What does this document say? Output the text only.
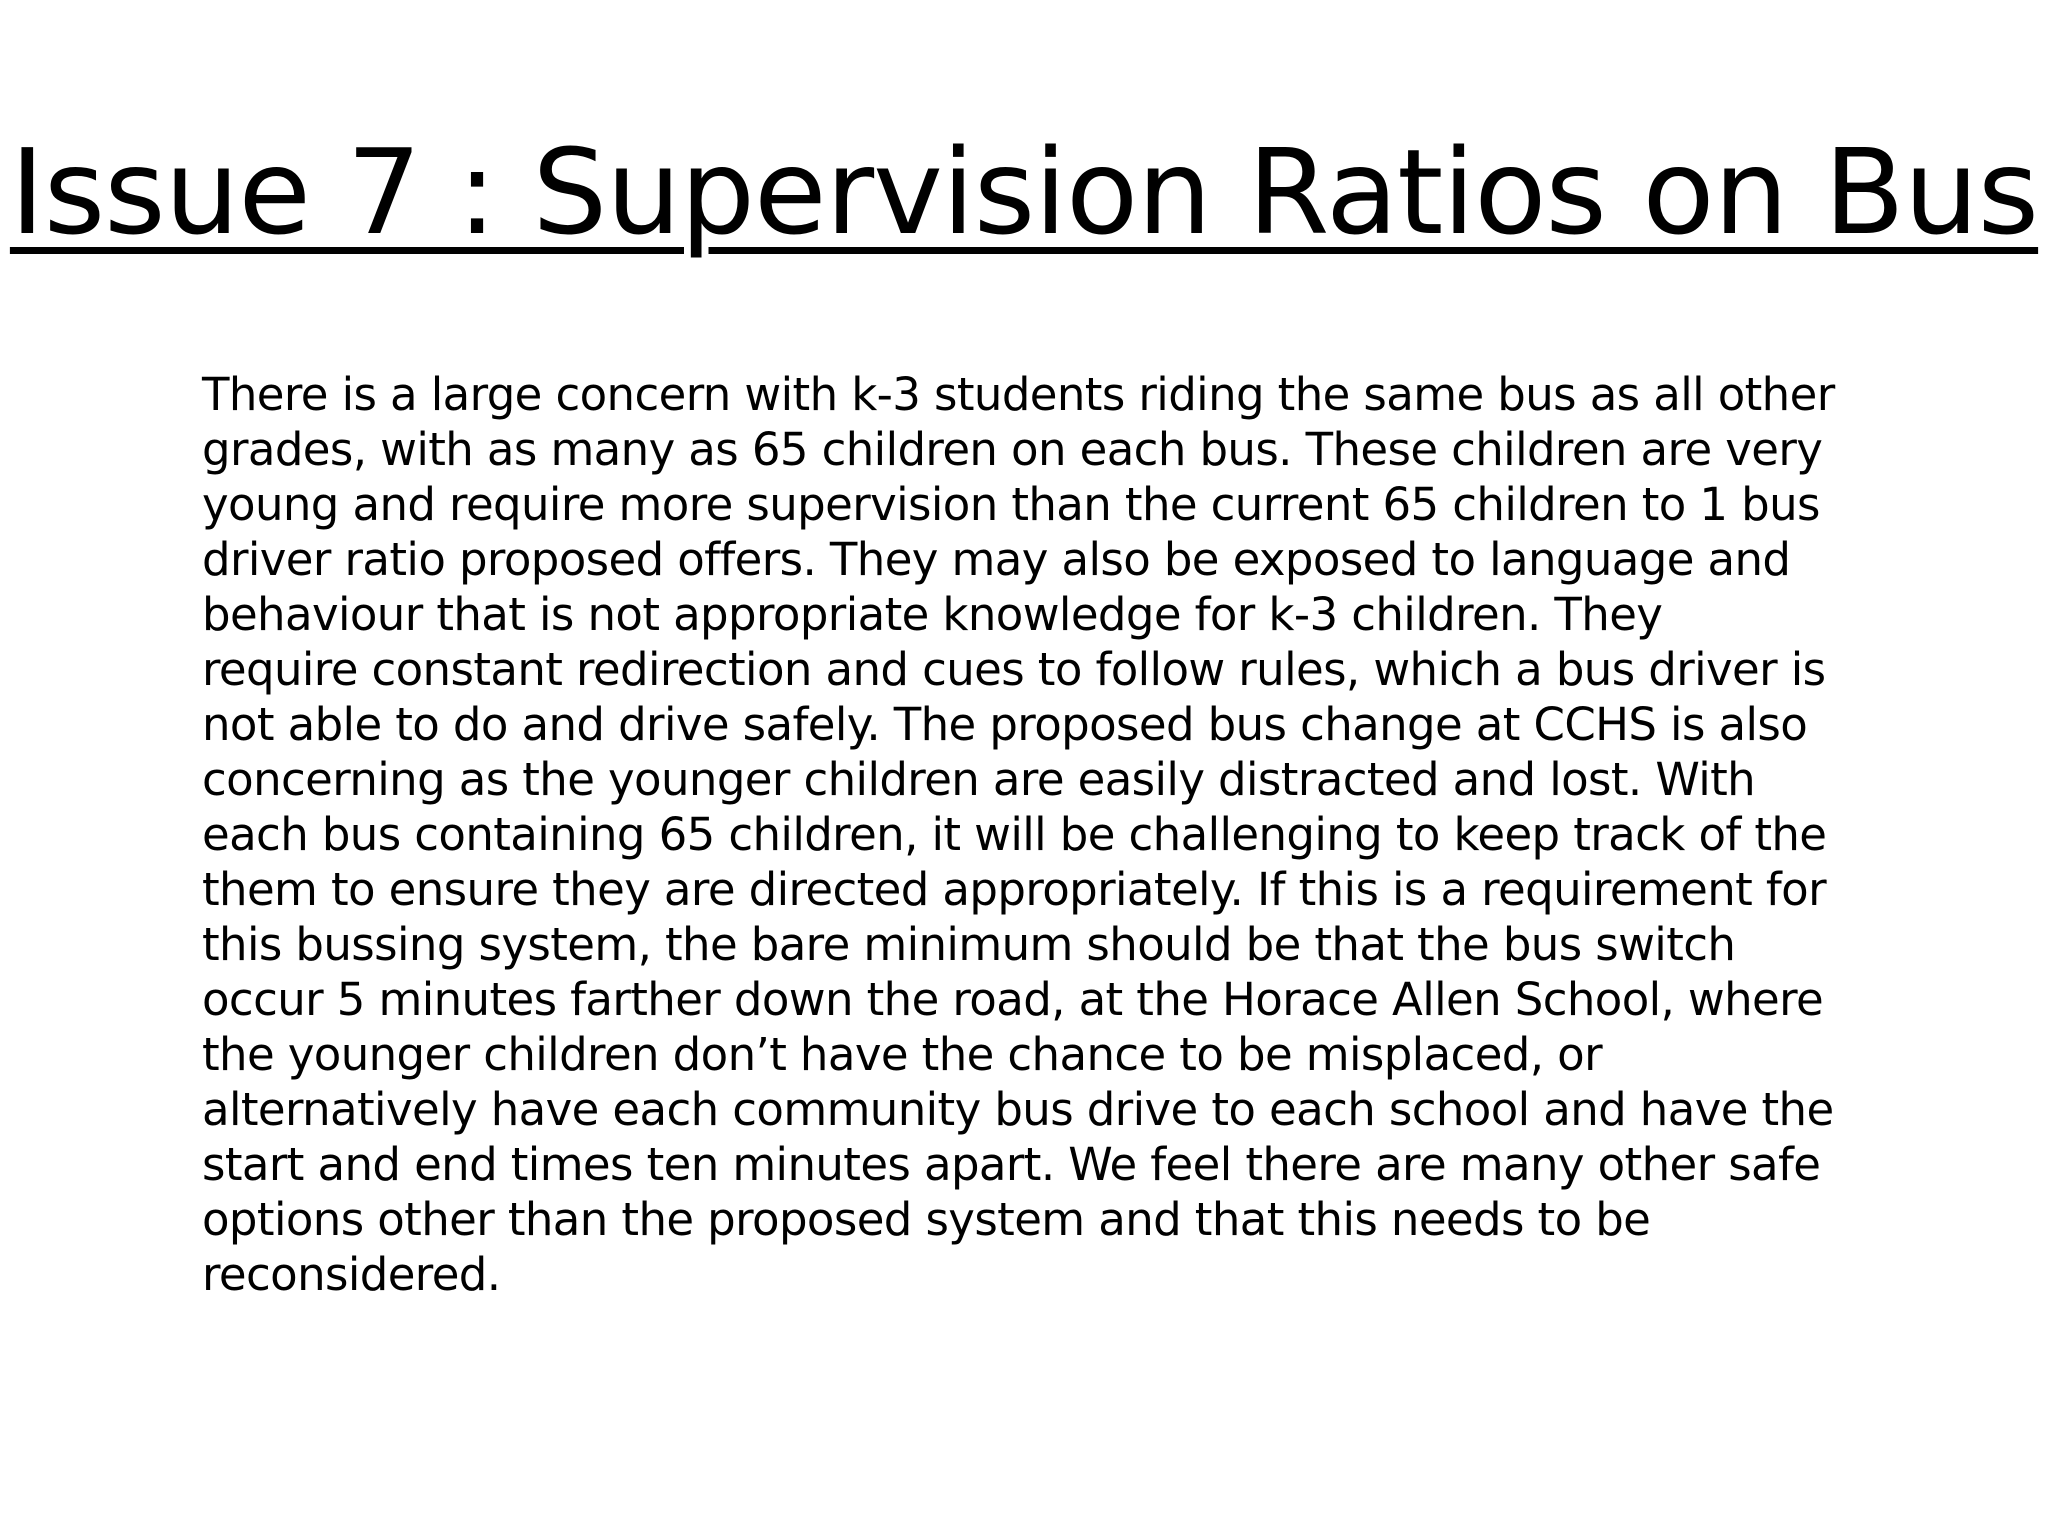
Issue 7 : Supervision Ratios on Bus
There is a large concern with k-3 students riding the same bus as all other
grades, with as many as 65 children on each bus. These children are very
young and require more supervision than the current 65 children to 1 bus
driver ratio proposed offers. They may also be exposed to language and
behaviour that is not appropriate knowledge for k-3 children. They
require constant redirection and cues to follow rules, which a bus driver is
not able to do and drive safely. The proposed bus change at CCHS is also
concerning as the younger children are easily distracted and lost. With
each bus containing 65 children, it will be challenging to keep track of the
them to ensure they are directed appropriately. If this is a requirement for
this bussing system, the bare minimum should be that the bus switch
occur 5 minutes farther down the road, at the Horace Allen School, where
the younger children don’t have the chance to be misplaced, or
alternatively have each community bus drive to each school and have the
start and end times ten minutes apart. We feel there are many other safe
options other than the proposed system and that this needs to be
reconsidered.
